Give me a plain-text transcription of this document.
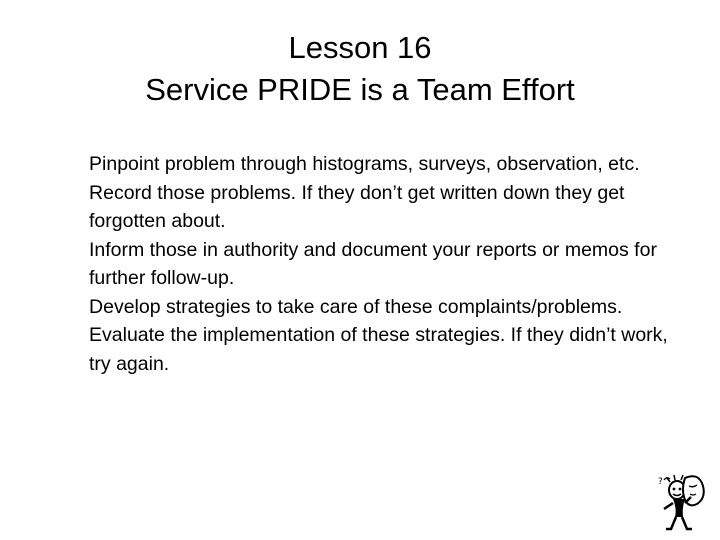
Lesson 16
Service PRIDE is a Team Effort
Pinpoint problem through histograms, surveys, observation, etc.
Record those problems. If they don’t get written down they get forgotten about.
Inform those in authority and document your reports or memos for further follow-up.
Develop strategies to take care of these complaints/problems.
Evaluate the implementation of these strategies. If they didn’t work, try again.
?
